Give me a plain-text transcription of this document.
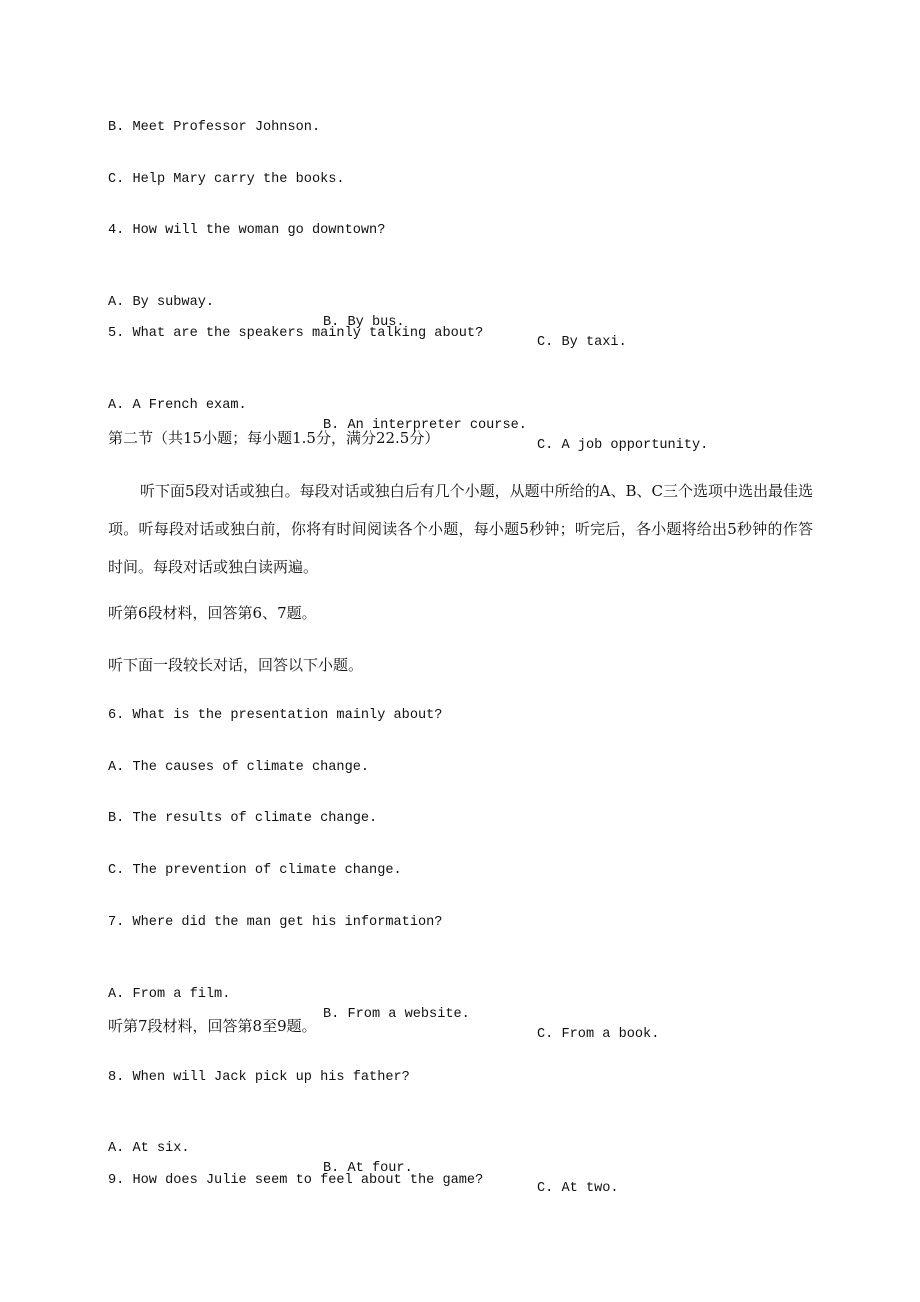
B. Meet Professor Johnson.
C. Help Mary carry the books.
4. How will the woman go downtown?

A. By subway.

B. By bus.

C. By taxi.

5. What are the speakers mainly talking about?

A. A French exam.

B. An interpreter course.

C. A job opportunity.

第二节（共15小题；每小题1.5分，满分22.5分）
听下面5段对话或独白。每段对话或独白后有几个小题，从题中所给的A、B、C三个选项中选出最佳选项。听每段对话或独白前，你将有时间阅读各个小题，每小题5秒钟；听完后，各小题将给出5秒钟的作答时间。每段对话或独白读两遍。
听第6段材料，回答第6、7题。
听下面一段较长对话，回答以下小题。
6. What is the presentation mainly about?
A. The causes of climate change.
B. The results of climate change.
C. The prevention of climate change.
7. Where did the man get his information?

A. From a film.

B. From a website.

C. From a book.

听第7段材料，回答第8至9题。
8. When will Jack pick up his father?

A. At six.

B. At four.

C. At two.

9. How does Julie seem to feel about the game?
